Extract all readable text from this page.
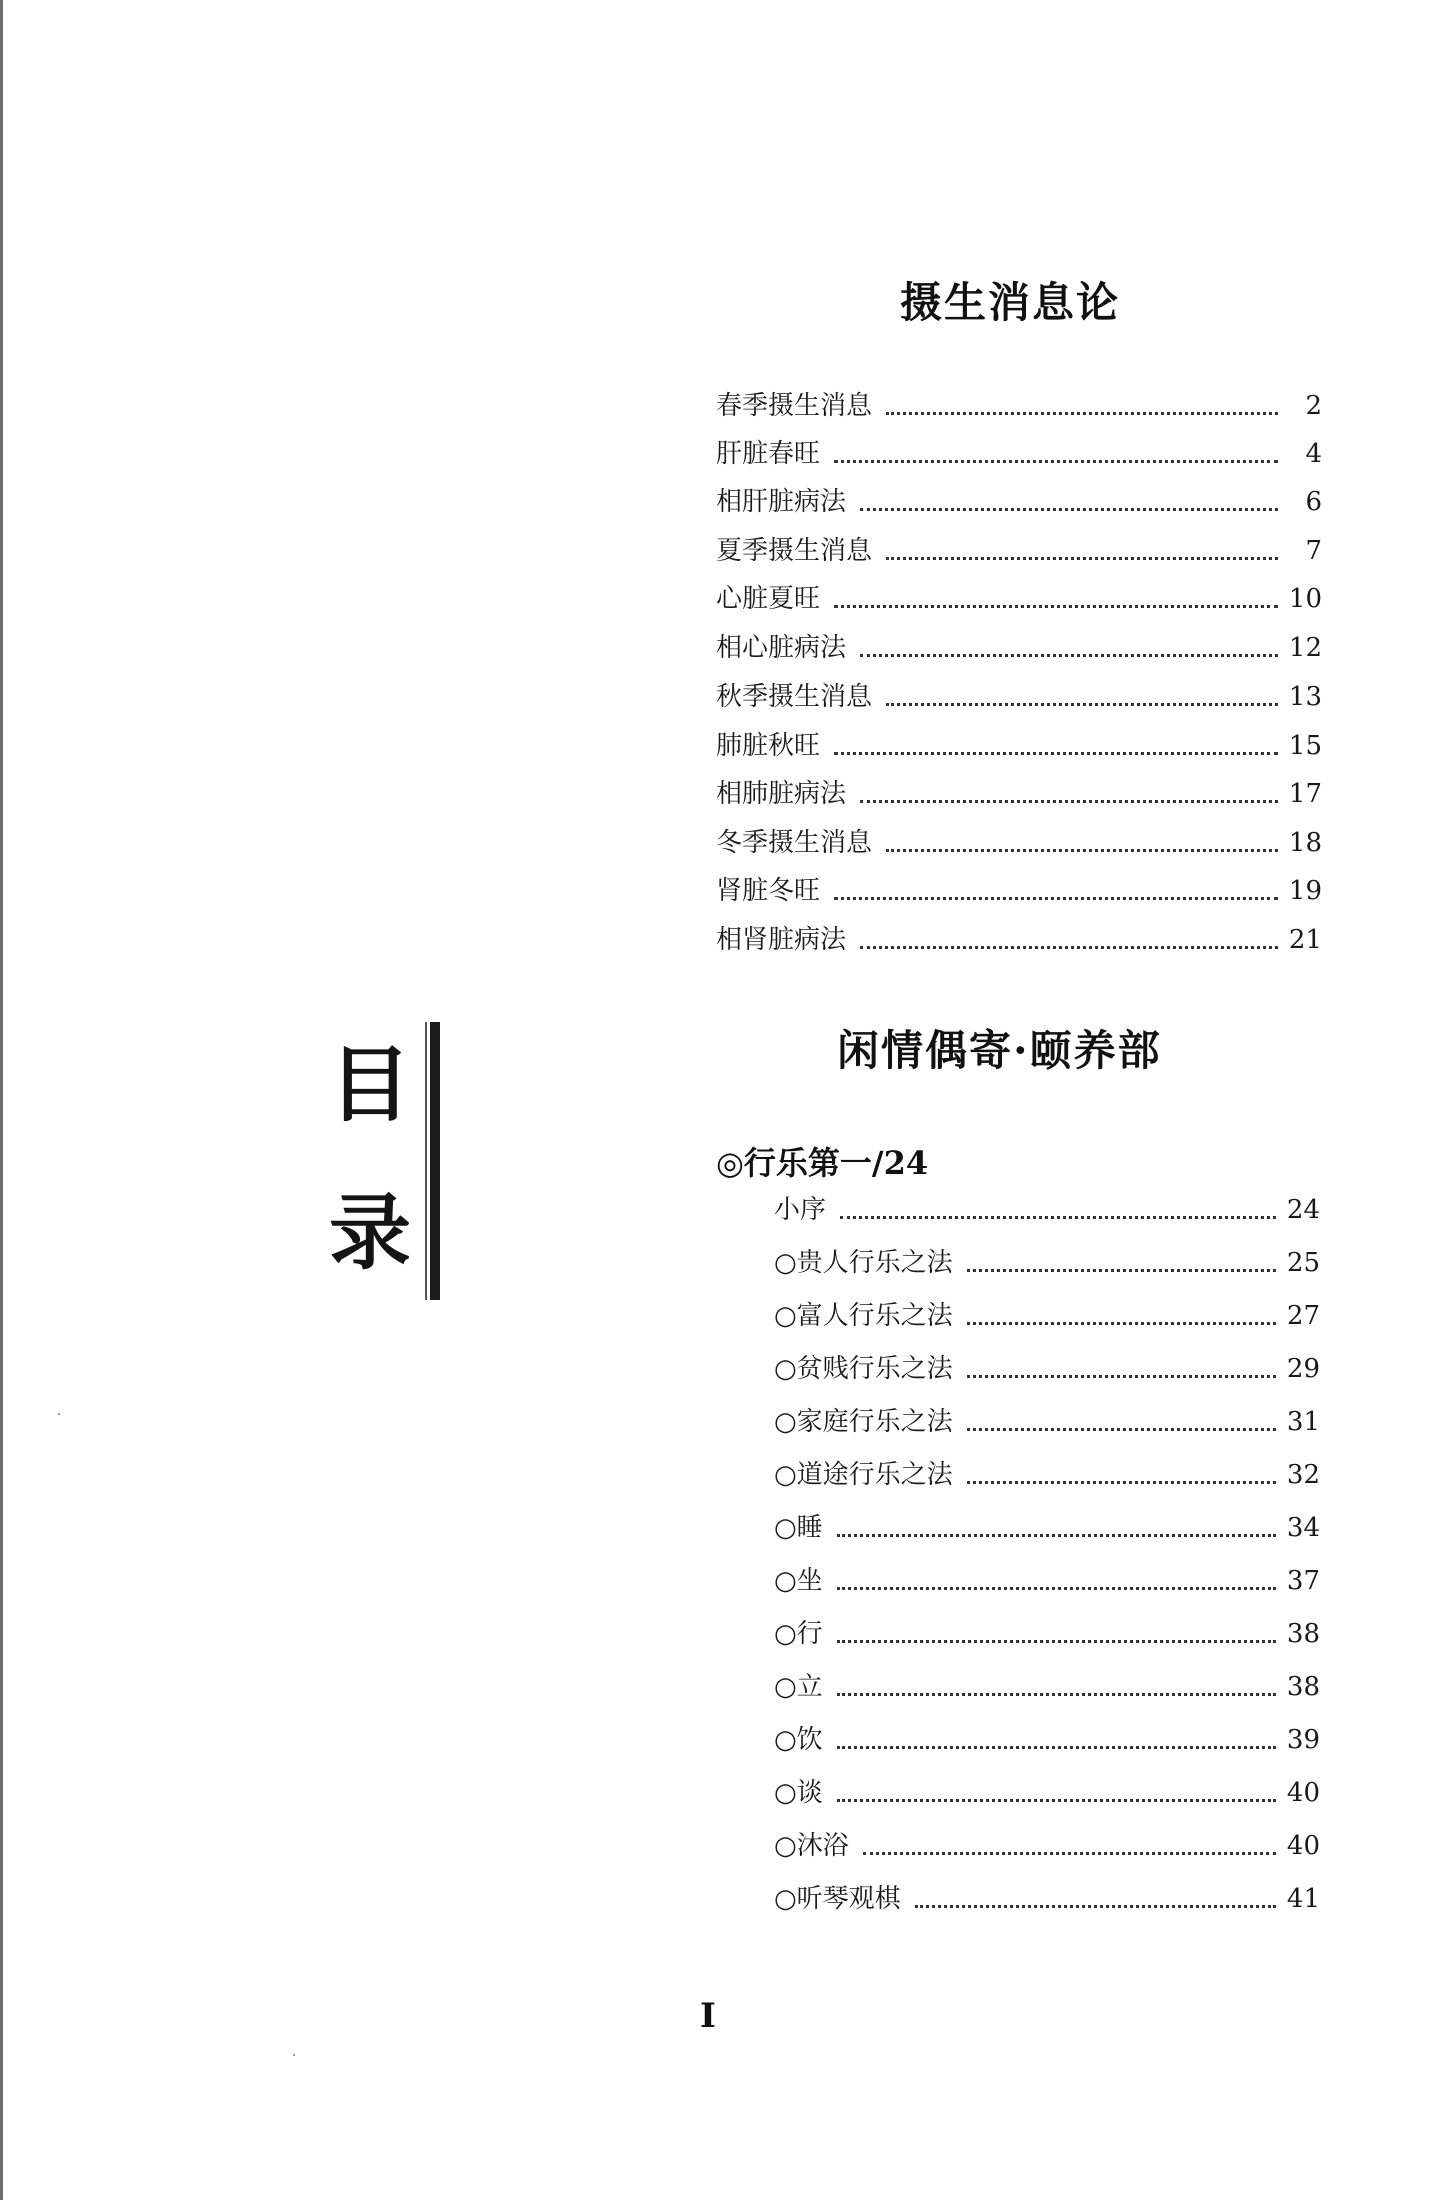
目
录
摄生消息论
春季摄生消息	2
肝脏春旺	4
相肝脏病法	6
夏季摄生消息	7
心脏夏旺	10
相心脏病法	12
秋季摄生消息	13
肺脏秋旺	15
相肺脏病法	17
冬季摄生消息	18
肾脏冬旺	19
相肾脏病法	21
闲情偶寄·颐养部
◎行乐第一/24
小序	24
○贵人行乐之法	25
○富人行乐之法	27
○贫贱行乐之法	29
○家庭行乐之法	31
○道途行乐之法	32
○睡	34
○坐	37
○行	38
○立	38
○饮	39
○谈	40
○沐浴	40
○听琴观棋	41
I
